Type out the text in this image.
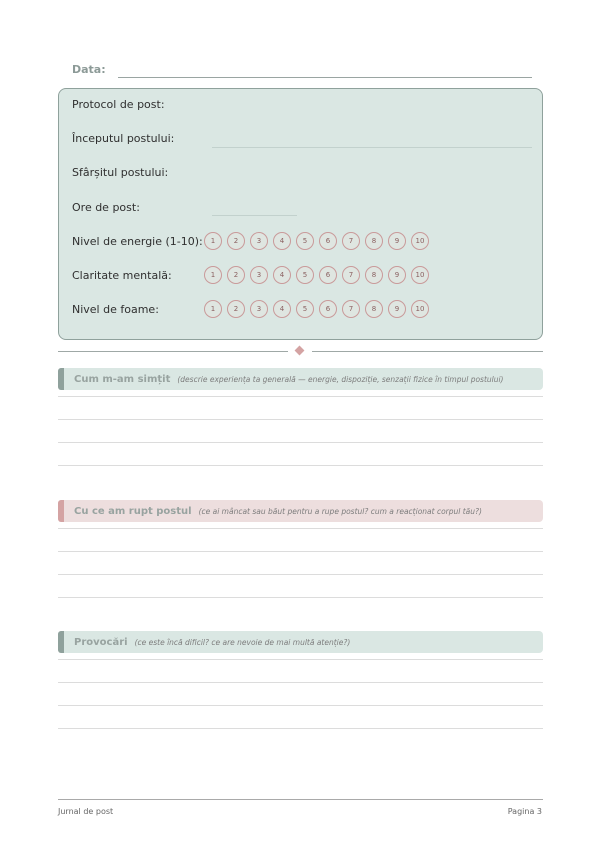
Data:
Protocol de post:
Începutul postului:
Sfârșitul postului:
Ore de post:
Nivel de energie (1-10):	1	2	3	4	5	6	7	8	9	10
Claritate mentală:	1	2	3	4	5	6	7	8	9	10
Nivel de foame:	1	2	3	4	5	6	7	8	9	10
Cum m-am simțit (descrie experiența ta generală — energie, dispoziție, senzații fizice în timpul postului)
Cu ce am rupt postul (ce ai mâncat sau băut pentru a rupe postul? cum a reacționat corpul tău?)
Provocări (ce este încă dificil? ce are nevoie de mai multă atenție?)
Jurnal de post	Pagina 3
